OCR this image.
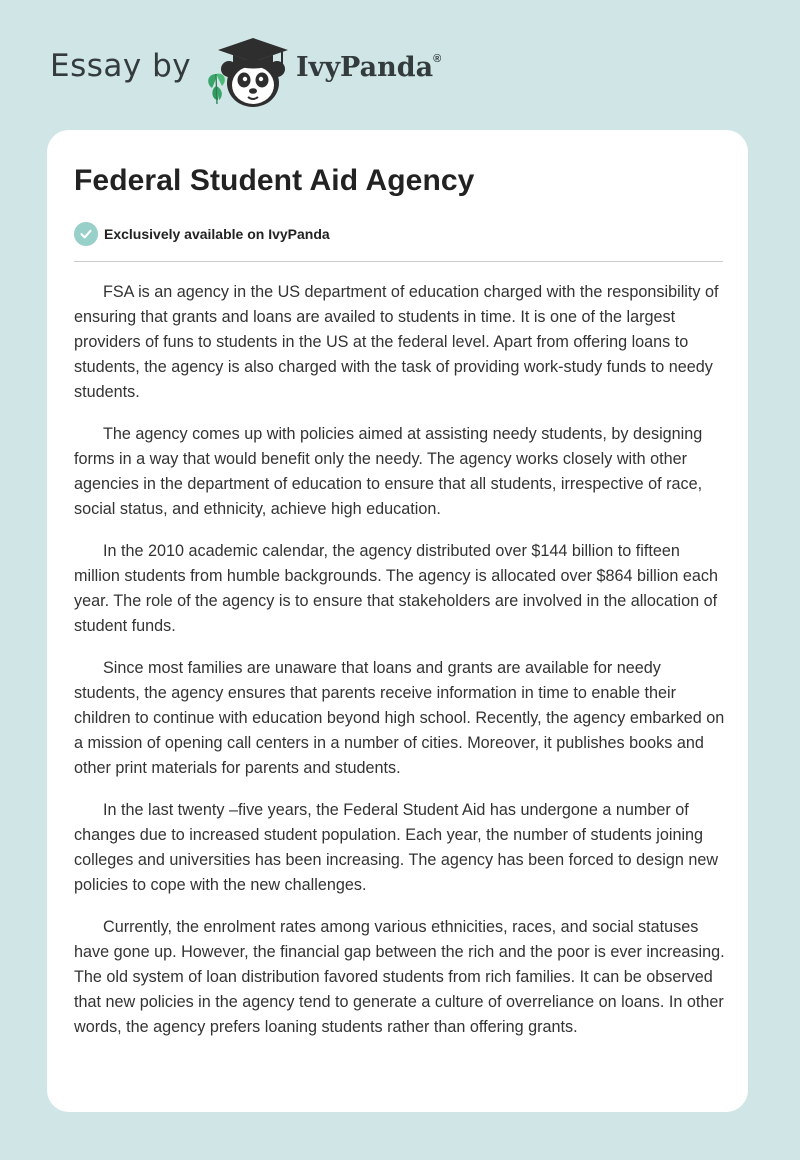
Essay by	IvyPanda®
Federal Student Aid Agency
Exclusively available on IvyPanda

FSA is an agency in the US department of education charged with the responsibility of ensuring that grants and loans are availed to students in time. It is one of the largest providers of funs to students in the US at the federal level. Apart from offering loans to students, the agency is also charged with the task of providing work-study funds to needy students.

The agency comes up with policies aimed at assisting needy students, by designing forms in a way that would benefit only the needy. The agency works closely with other agencies in the department of education to ensure that all students, irrespective of race, social status, and ethnicity, achieve high education.

In the 2010 academic calendar, the agency distributed over $144 billion to fifteen million students from humble backgrounds. The agency is allocated over $864 billion each year. The role of the agency is to ensure that stakeholders are involved in the allocation of student funds.

Since most families are unaware that loans and grants are available for needy students, the agency ensures that parents receive information in time to enable their children to continue with education beyond high school. Recently, the agency embarked on a mission of opening call centers in a number of cities. Moreover, it publishes books and other print materials for parents and students.

In the last twenty –five years, the Federal Student Aid has undergone a number of changes due to increased student population. Each year, the number of students joining colleges and universities has been increasing. The agency has been forced to design new policies to cope with the new challenges.

Currently, the enrolment rates among various ethnicities, races, and social statuses have gone up. However, the financial gap between the rich and the poor is ever increasing. The old system of loan distribution favored students from rich families. It can be observed that new policies in the agency tend to generate a culture of overreliance on loans. In other words, the agency prefers loaning students rather than offering grants.
